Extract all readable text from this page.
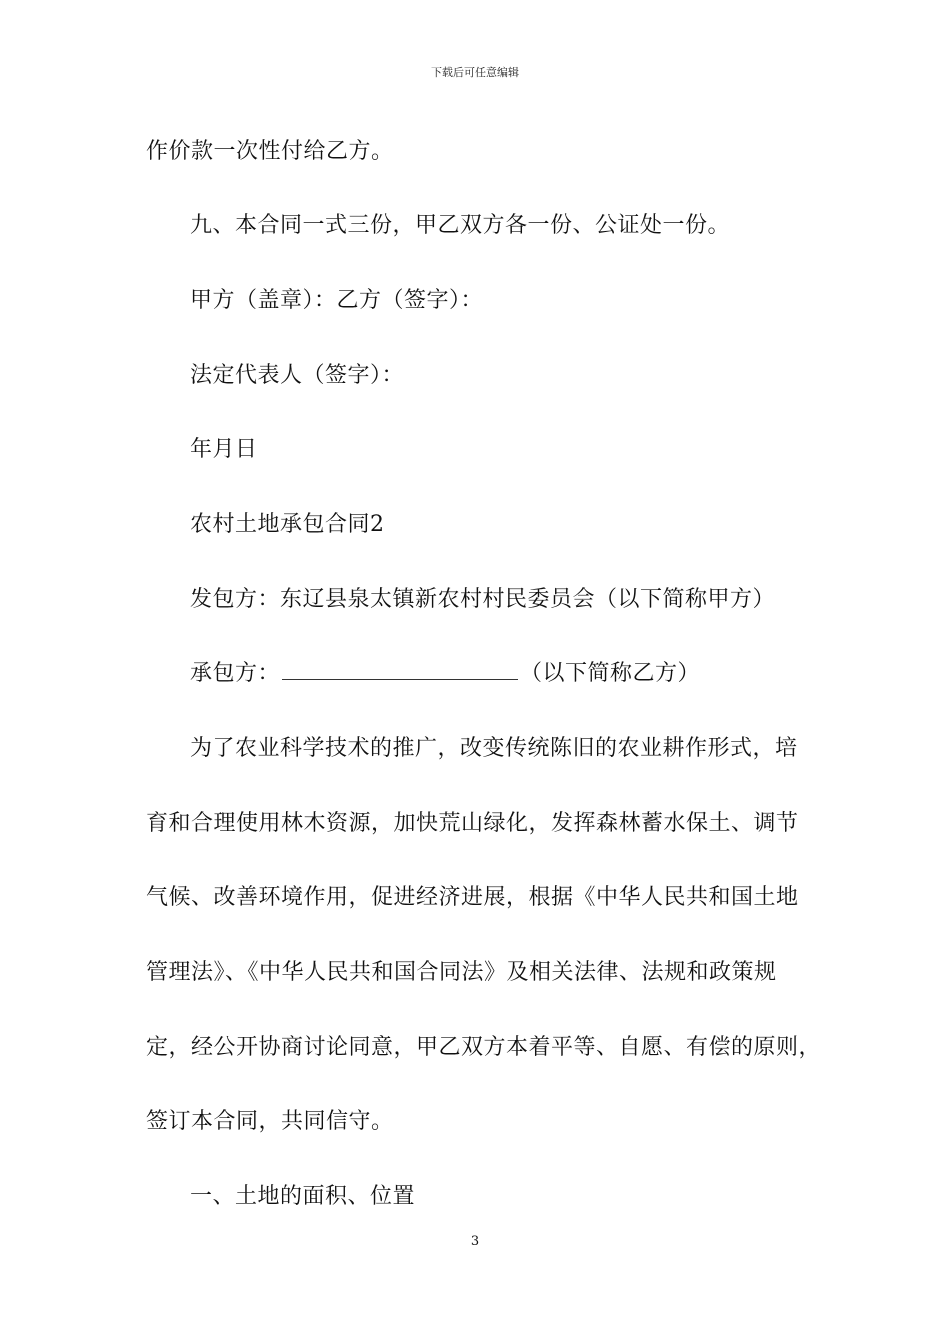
下载后可任意编辑
作价款一次性付给乙方。
九、本合同一式三份，甲乙双方各一份、公证处一份。
甲方（盖章）：乙方（签字）：
法定代表人（签字）：
年月日
农村土地承包合同2
发包方：东辽县泉太镇新农村村民委员会（以下简称甲方）
承包方：	（以下简称乙方）
为了农业科学技术的推广，改变传统陈旧的农业耕作形式，培
育和合理使用林木资源，加快荒山绿化，发挥森林蓄水保土、调节
气候、改善环境作用，促进经济进展，根据《中华人民共和国土地
管理法》、《中华人民共和国合同法》及相关法律、法规和政策规
定，经公开协商讨论同意，甲乙双方本着平等、自愿、有偿的原则，
签订本合同，共同信守。
一、土地的面积、位置
3
